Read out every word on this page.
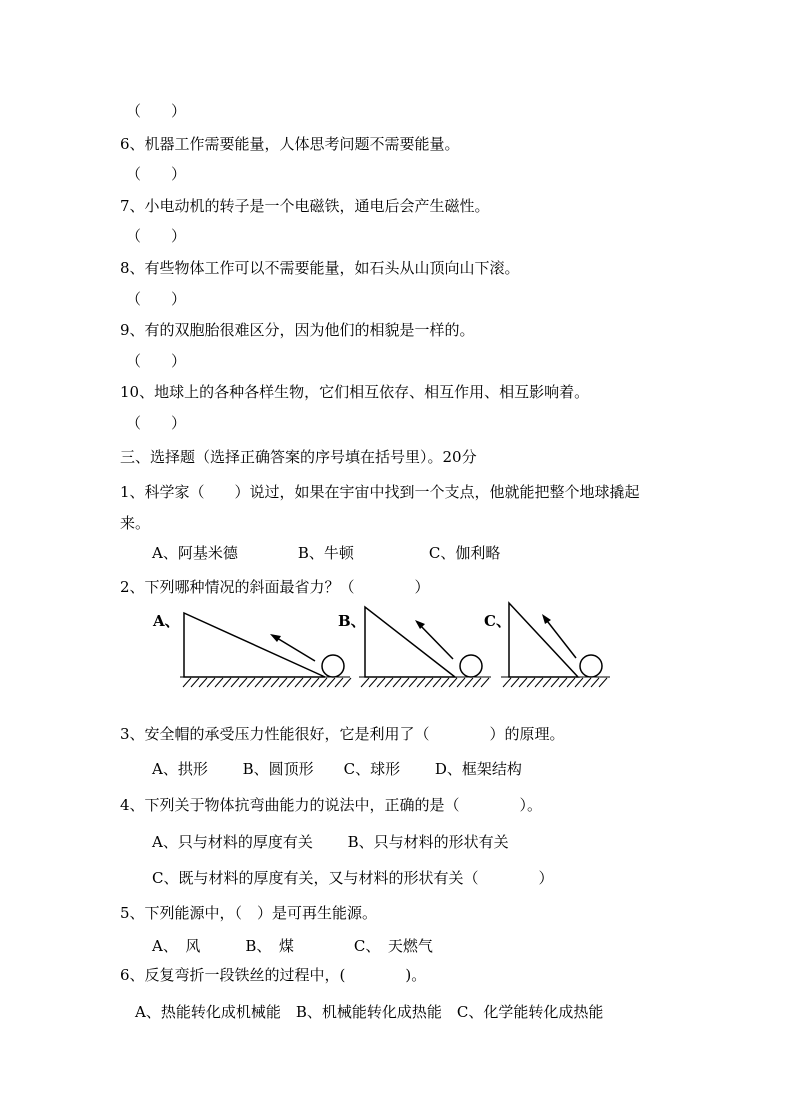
（　　）
6、机器工作需要能量，人体思考问题不需要能量。
（　　）
7、小电动机的转子是一个电磁铁，通电后会产生磁性。
（　　）
8、有些物体工作可以不需要能量，如石头从山顶向山下滚。
（　　）
9、有的双胞胎很难区分，因为他们的相貌是一样的。
（　　）
10、地球上的各种各样生物，它们相互依存、相互作用、相互影响着。
（　　）
三、选择题（选择正确答案的序号填在括号里）。20分
1、科学家（　　）说过，如果在宇宙中找到一个支点，他就能把整个地球撬起
来。
A、阿基米德　　　　B、牛顿　　　　　C、伽利略
2、下列哪种情况的斜面最省力？（　　　　）
A、	B、	C、
3、安全帽的承受压力性能很好，它是利用了（　　　　）的原理。
A、拱形　　 B、圆顶形　　C、球形　　 D、框架结构
4、下列关于物体抗弯曲能力的说法中，正确的是（　　　　）。
A、只与材料的厚度有关　　 B、只与材料的形状有关
C、既与材料的厚度有关，又与材料的形状有关（　　　　）
5、下列能源中，（　）是可再生能源。
A、　风　　　B、　煤　　　　C、　天燃气
6、反复弯折一段铁丝的过程中，(　　　　)。
A、热能转化成机械能　B、机械能转化成热能　C、化学能转化成热能
